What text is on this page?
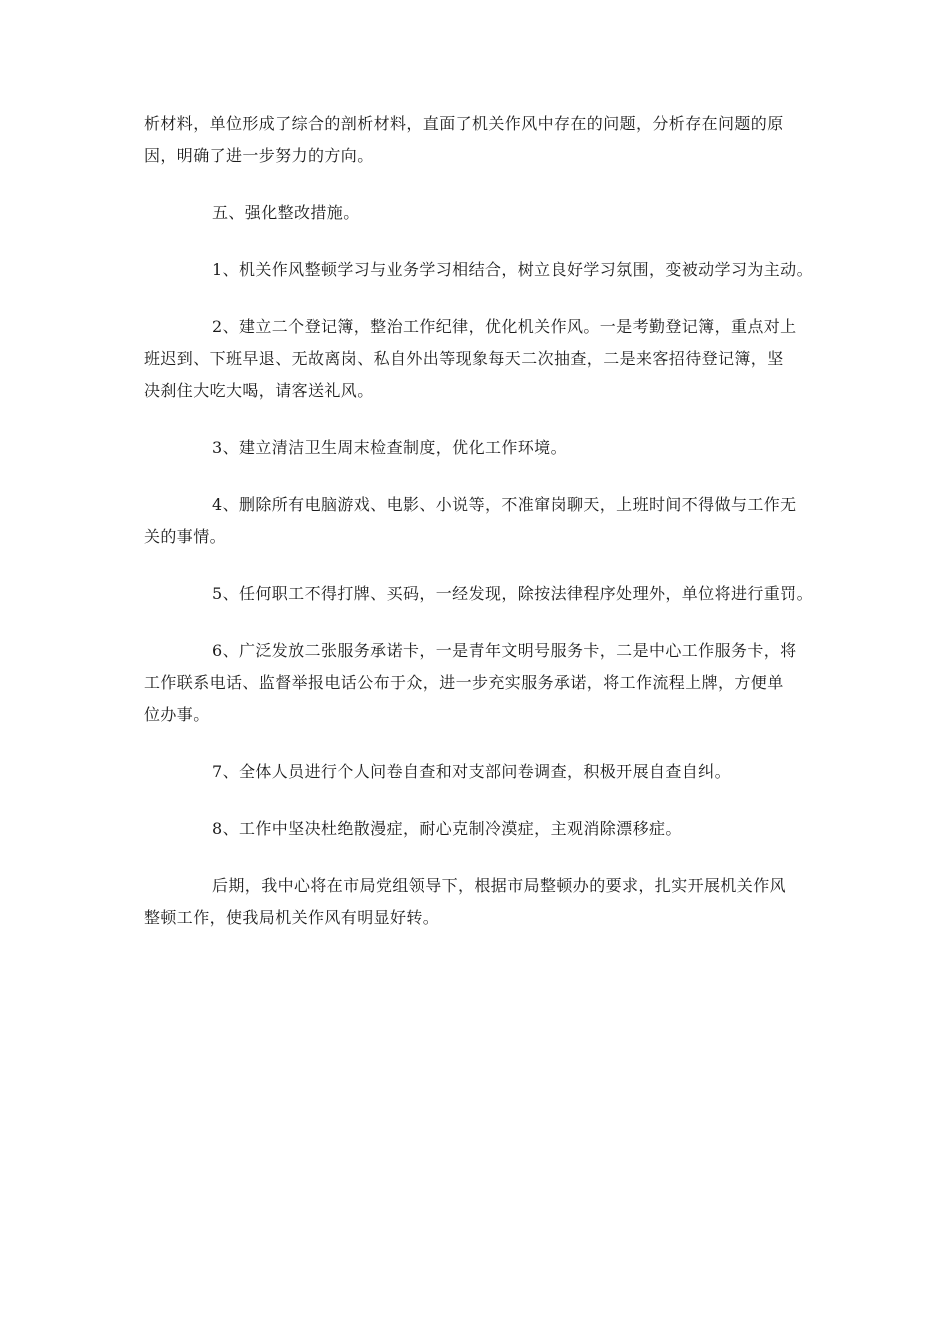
析材料，单位形成了综合的剖析材料，直面了机关作风中存在的问题，分析存在问题的原
因，明确了进一步努力的方向。
五、强化整改措施。
1、机关作风整顿学习与业务学习相结合，树立良好学习氛围，变被动学习为主动。
2、建立二个登记簿，整治工作纪律，优化机关作风。一是考勤登记簿，重点对上
班迟到、下班早退、无故离岗、私自外出等现象每天二次抽查，二是来客招待登记簿，坚
决刹住大吃大喝，请客送礼风。
3、建立清洁卫生周末检查制度，优化工作环境。
4、删除所有电脑游戏、电影、小说等，不准窜岗聊天，上班时间不得做与工作无
关的事情。
5、任何职工不得打牌、买码，一经发现，除按法律程序处理外，单位将进行重罚。
6、广泛发放二张服务承诺卡，一是青年文明号服务卡，二是中心工作服务卡，将
工作联系电话、监督举报电话公布于众，进一步充实服务承诺，将工作流程上牌，方便单
位办事。
7、全体人员进行个人问卷自查和对支部问卷调查，积极开展自查自纠。
8、工作中坚决杜绝散漫症，耐心克制冷漠症，主观消除漂移症。
后期，我中心将在市局党组领导下，根据市局整顿办的要求，扎实开展机关作风
整顿工作，使我局机关作风有明显好转。
